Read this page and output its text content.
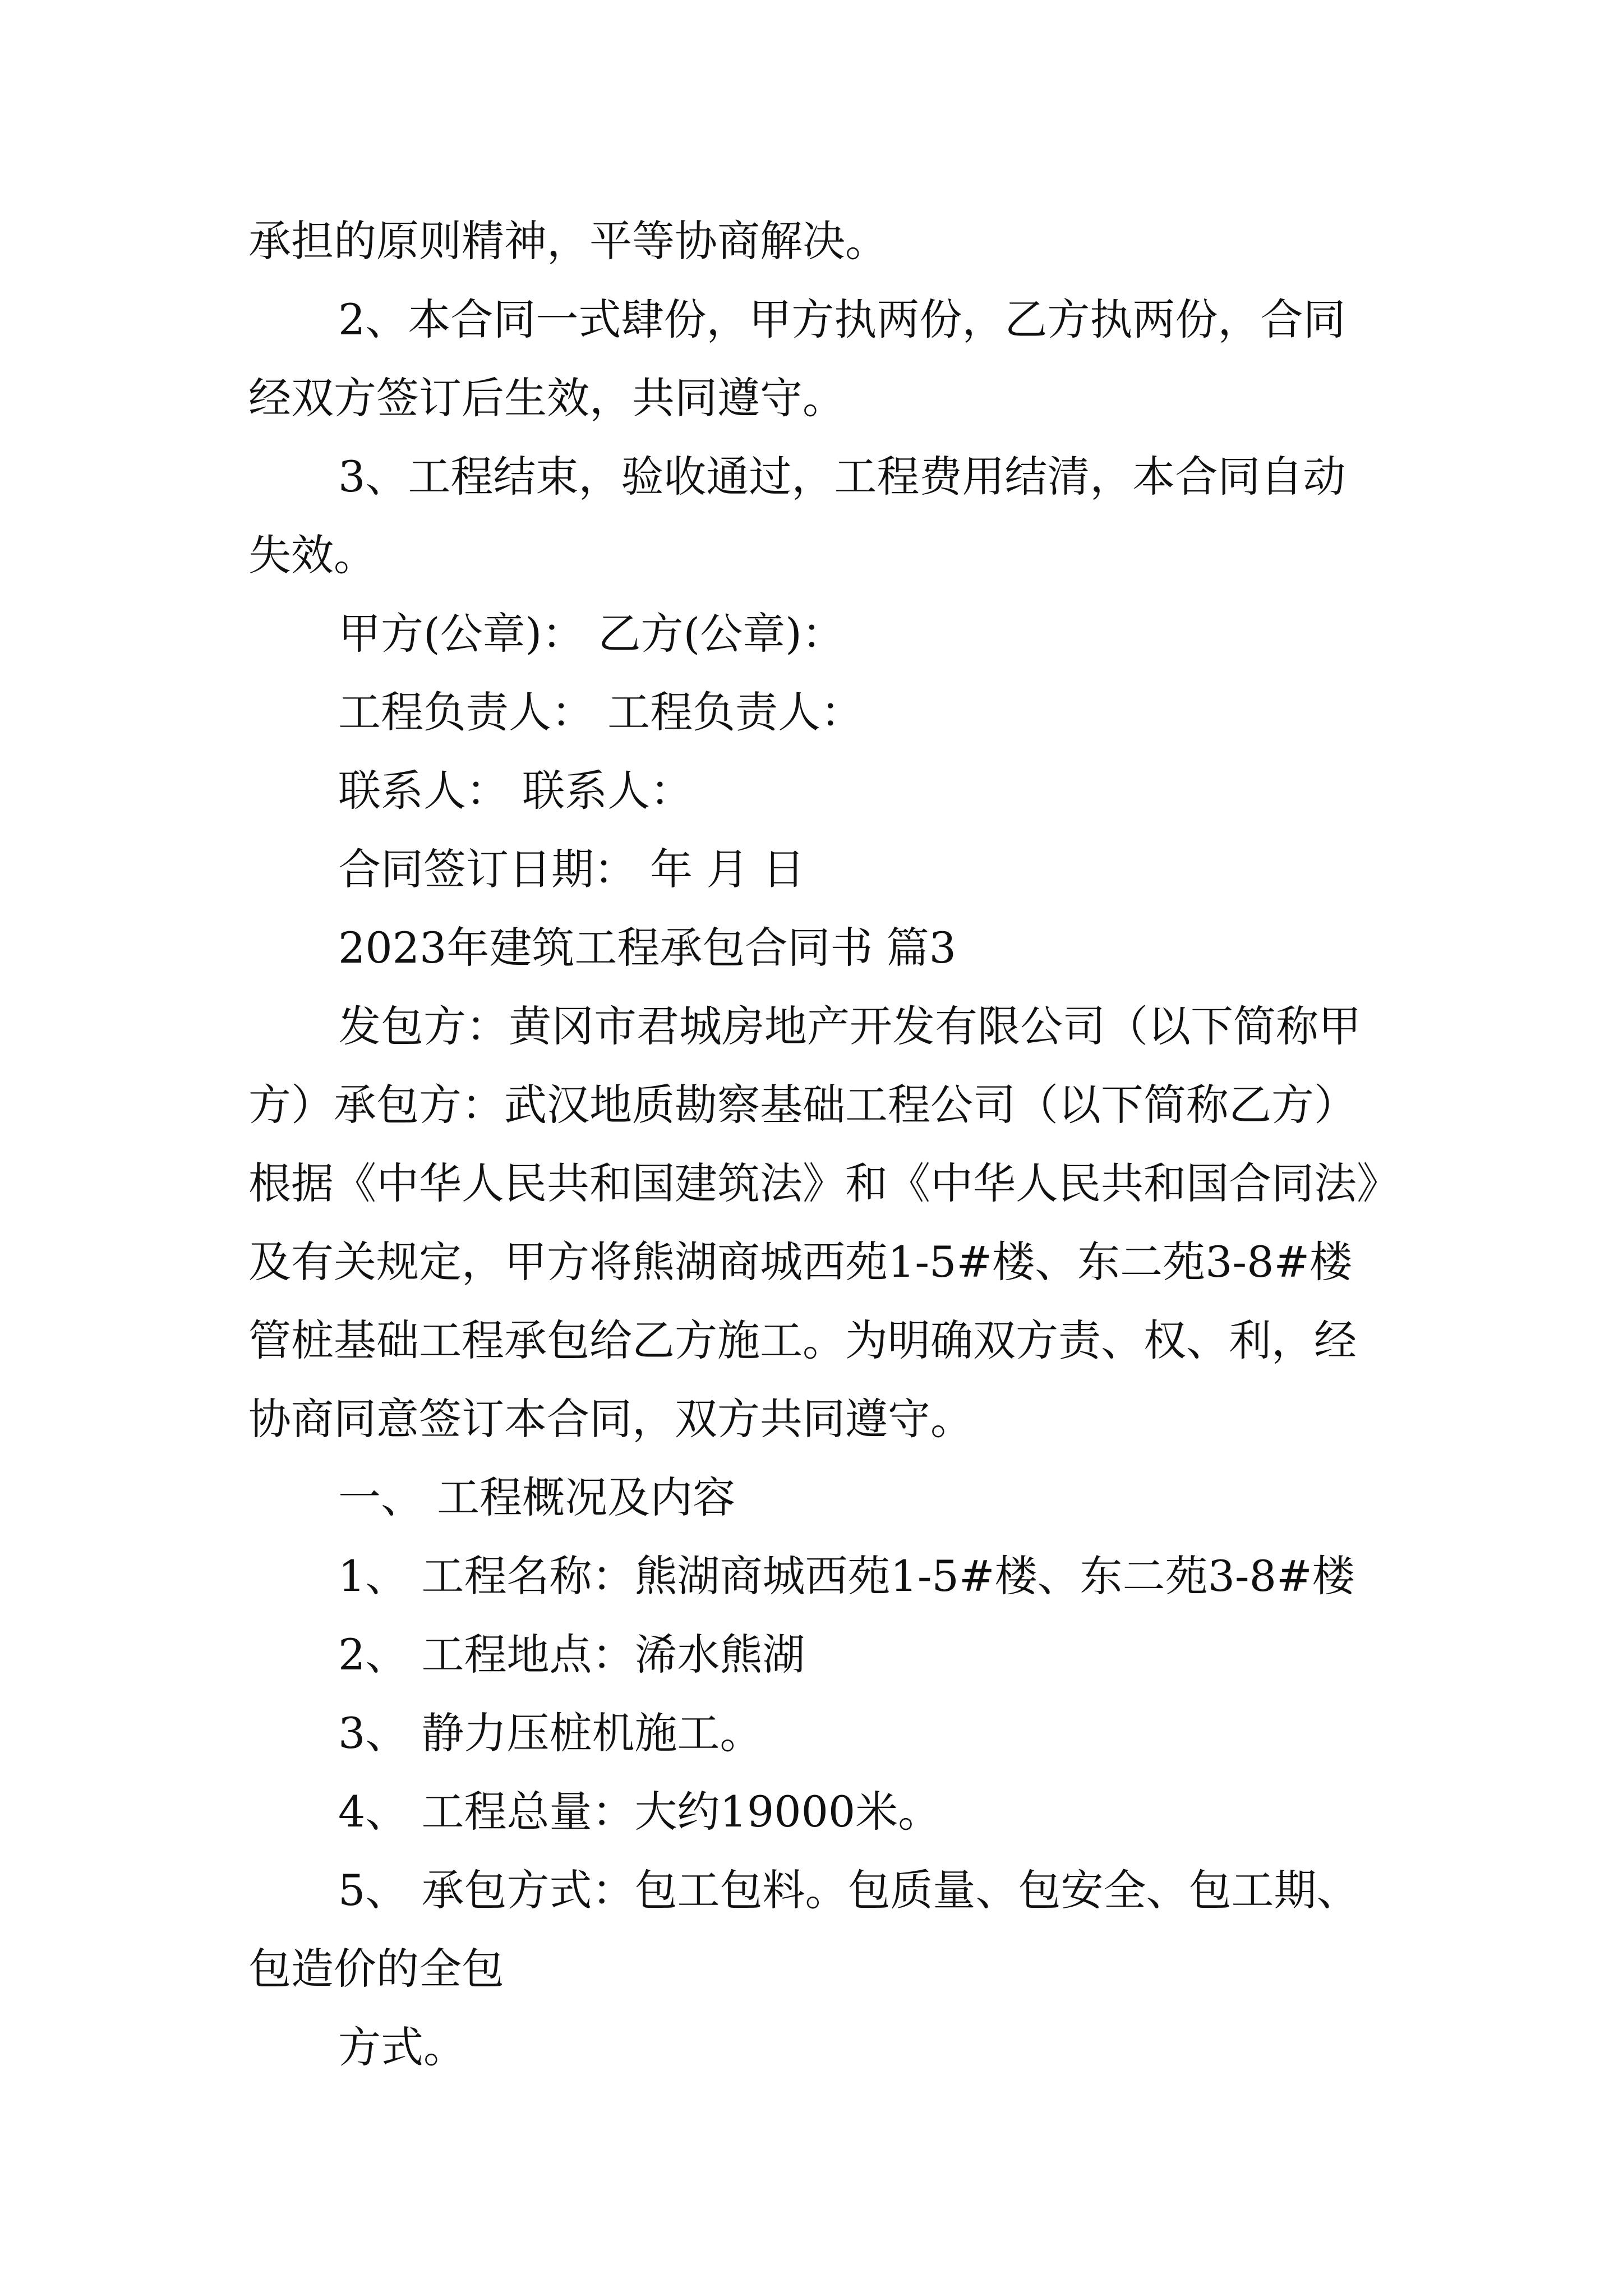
承担的原则精神，平等协商解决。
2、本合同一式肆份，甲方执两份，乙方执两份，合同
经双方签订后生效，共同遵守。
3、工程结束，验收通过，工程费用结清，本合同自动
失效。
甲方(公章)： 乙方(公章)：
工程负责人： 工程负责人：
联系人： 联系人：
合同签订日期： 年 月 日
2023年建筑工程承包合同书 篇3
发包方：黄冈市君城房地产开发有限公司（以下简称甲
方）承包方：武汉地质勘察基础工程公司（以下简称乙方）
根据《中华人民共和国建筑法》和《中华人民共和国合同法》
及有关规定，甲方将熊湖商城西苑1-5#楼、东二苑3-8#楼
管桩基础工程承包给乙方施工。为明确双方责、权、利，经
协商同意签订本合同，双方共同遵守。
一、 工程概况及内容
1、 工程名称：熊湖商城西苑1-5#楼、东二苑3-8#楼
2、 工程地点：浠水熊湖
3、 静力压桩机施工。
4、 工程总量：大约19000米。
5、 承包方式：包工包料。包质量、包安全、包工期、
包造价的全包
方式。
